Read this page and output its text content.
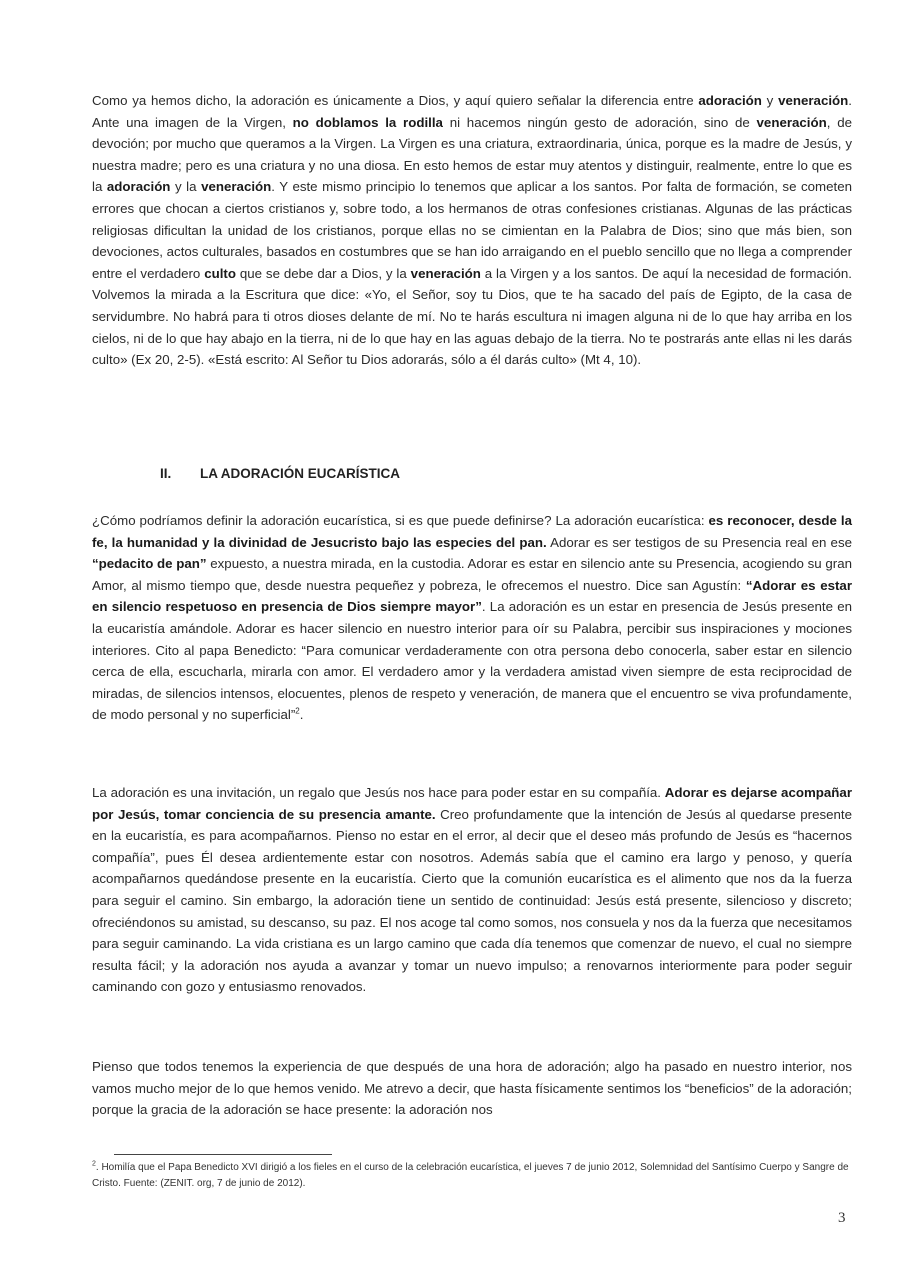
Como ya hemos dicho, la adoración es únicamente a Dios, y aquí quiero señalar la diferencia entre adoración y veneración. Ante una imagen de la Virgen, no doblamos la rodilla ni hacemos ningún gesto de adoración, sino de veneración, de devoción; por mucho que queramos a la Virgen. La Virgen es una criatura, extraordinaria, única, porque es la madre de Jesús, y nuestra madre; pero es una criatura y no una diosa. En esto hemos de estar muy atentos y distinguir, realmente, entre lo que es la adoración y la veneración. Y este mismo principio lo tenemos que aplicar a los santos. Por falta de formación, se cometen errores que chocan a ciertos cristianos y, sobre todo, a los hermanos de otras confesiones cristianas. Algunas de las prácticas religiosas dificultan la unidad de los cristianos, porque ellas no se cimientan en la Palabra de Dios; sino que más bien, son devociones, actos culturales, basados en costumbres que se han ido arraigando en el pueblo sencillo que no llega a comprender entre el verdadero culto que se debe dar a Dios, y la veneración a la Virgen y a los santos. De aquí la necesidad de formación. Volvemos la mirada a la Escritura que dice: «Yo, el Señor, soy tu Dios, que te ha sacado del país de Egipto, de la casa de servidumbre. No habrá para ti otros dioses delante de mí. No te harás escultura ni imagen alguna ni de lo que hay arriba en los cielos, ni de lo que hay abajo en la tierra, ni de lo que hay en las aguas debajo de la tierra. No te postrarás ante ellas ni les darás culto» (Ex 20, 2-5). «Está escrito: Al Señor tu Dios adorarás, sólo a él darás culto» (Mt 4, 10).

II. LA ADORACIÓN EUCARÍSTICA

¿Cómo podríamos definir la adoración eucarística, si es que puede definirse? La adoración eucarística: es reconocer, desde la fe, la humanidad y la divinidad de Jesucristo bajo las especies del pan. Adorar es ser testigos de su Presencia real en ese “pedacito de pan” expuesto, a nuestra mirada, en la custodia. Adorar es estar en silencio ante su Presencia, acogiendo su gran Amor, al mismo tiempo que, desde nuestra pequeñez y pobreza, le ofrecemos el nuestro. Dice san Agustín: “Adorar es estar en silencio respetuoso en presencia de Dios siempre mayor”. La adoración es un estar en presencia de Jesús presente en la eucaristía amándole. Adorar es hacer silencio en nuestro interior para oír su Palabra, percibir sus inspiraciones y mociones interiores. Cito al papa Benedicto: “Para comunicar verdaderamente con otra persona debo conocerla, saber estar en silencio cerca de ella, escucharla, mirarla con amor. El verdadero amor y la verdadera amistad viven siempre de esta reciprocidad de miradas, de silencios intensos, elocuentes, plenos de respeto y veneración, de manera que el encuentro se viva profundamente, de modo personal y no superficial”$^2$.

La adoración es una invitación, un regalo que Jesús nos hace para poder estar en su compañía. Adorar es dejarse acompañar por Jesús, tomar conciencia de su presencia amante. Creo profundamente que la intención de Jesús al quedarse presente en la eucaristía, es para acompañarnos. Pienso no estar en el error, al decir que el deseo más profundo de Jesús es “hacernos compañía”, pues Él desea ardientemente estar con nosotros. Además sabía que el camino era largo y penoso, y quería acompañarnos quedándose presente en la eucaristía. Cierto que la comunión eucarística es el alimento que nos da la fuerza para seguir el camino. Sin embargo, la adoración tiene un sentido de continuidad: Jesús está presente, silencioso y discreto; ofreciéndonos su amistad, su descanso, su paz. El nos acoge tal como somos, nos consuela y nos da la fuerza que necesitamos para seguir caminando. La vida cristiana es un largo camino que cada día tenemos que comenzar de nuevo, el cual no siempre resulta fácil; y la adoración nos ayuda a avanzar y tomar un nuevo impulso; a renovarnos interiormente para poder seguir caminando con gozo y entusiasmo renovados.

Pienso que todos tenemos la experiencia de que después de una hora de adoración; algo ha pasado en nuestro interior, nos vamos mucho mejor de lo que hemos venido. Me atrevo a decir, que hasta físicamente sentimos los “beneficios” de la adoración; porque la gracia de la adoración se hace presente: la adoración nos

$^2$. Homilía que el Papa Benedicto XVI dirigió a los fieles en el curso de la celebración eucarística, el jueves 7 de junio 2012, Solemnidad del Santísimo Cuerpo y Sangre de Cristo. Fuente: (ZENIT. org, 7 de junio de 2012).
3
